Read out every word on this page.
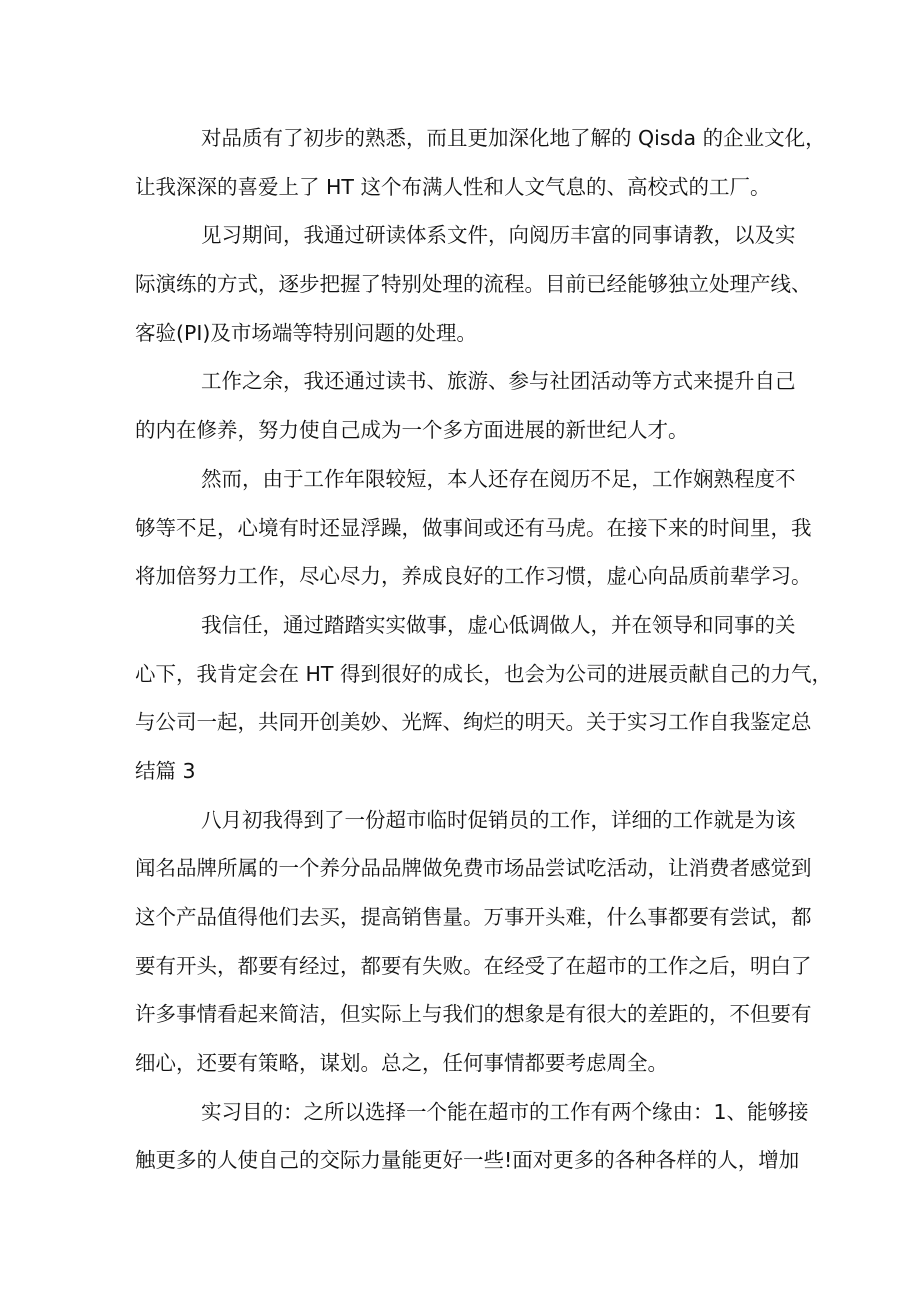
对品质有了初步的熟悉，而且更加深化地了解的 Qisda 的企业文化，
让我深深的喜爱上了 HT 这个布满人性和人文气息的、高校式的工厂。
见习期间，我通过研读体系文件，向阅历丰富的同事请教，以及实
际演练的方式，逐步把握了特别处理的流程。目前已经能够独立处理产线、
客验(PI)及市场端等特别问题的处理。
工作之余，我还通过读书、旅游、参与社团活动等方式来提升自己
的内在修养，努力使自己成为一个多方面进展的新世纪人才。
然而，由于工作年限较短，本人还存在阅历不足，工作娴熟程度不
够等不足，心境有时还显浮躁，做事间或还有马虎。在接下来的时间里，我
将加倍努力工作，尽心尽力，养成良好的工作习惯，虚心向品质前辈学习。
我信任，通过踏踏实实做事，虚心低调做人，并在领导和同事的关
心下，我肯定会在 HT 得到很好的成长，也会为公司的进展贡献自己的力气，
与公司一起，共同开创美妙、光辉、绚烂的明天。关于实习工作自我鉴定总
结篇 3
八月初我得到了一份超市临时促销员的工作，详细的工作就是为该
闻名品牌所属的一个养分品品牌做免费市场品尝试吃活动，让消费者感觉到
这个产品值得他们去买，提高销售量。万事开头难，什么事都要有尝试，都
要有开头，都要有经过，都要有失败。在经受了在超市的工作之后，明白了
许多事情看起来简洁，但实际上与我们的想象是有很大的差距的，不但要有
细心，还要有策略，谋划。总之，任何事情都要考虑周全。
实习目的：之所以选择一个能在超市的工作有两个缘由：1、能够接
触更多的人使自己的交际力量能更好一些!面对更多的各种各样的人，增加
